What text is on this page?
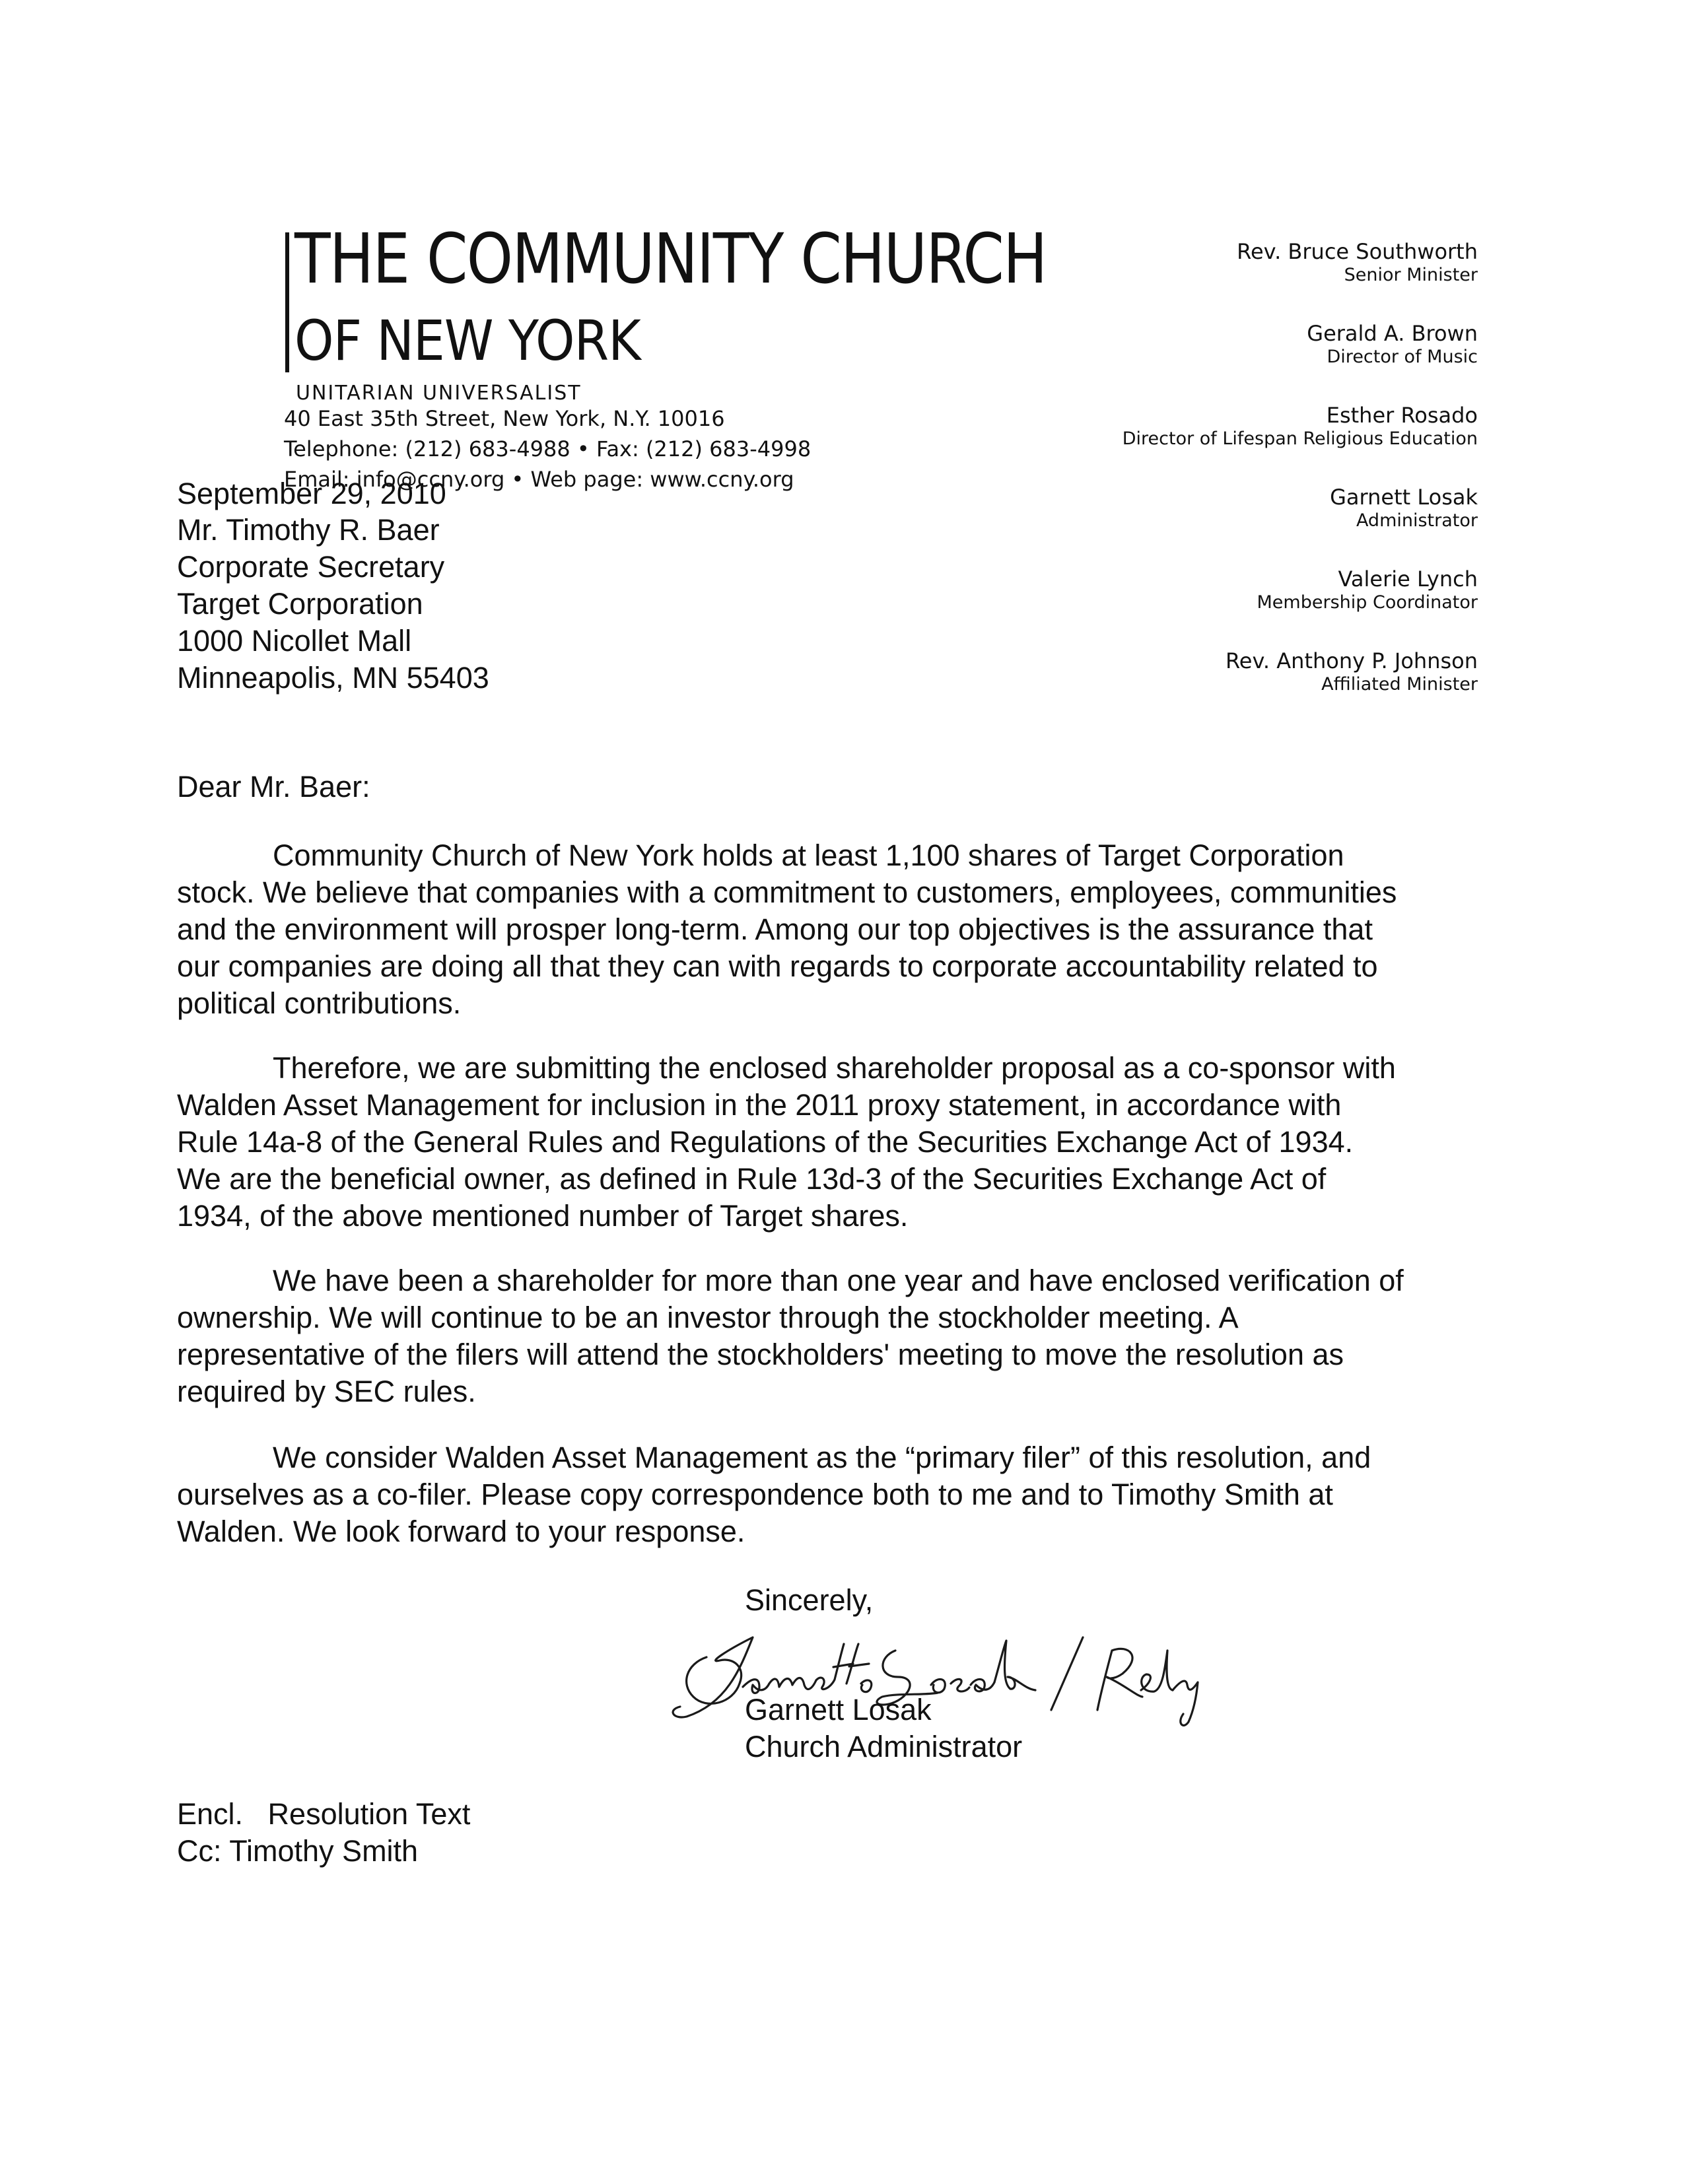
THE COMMUNITY CHURCH
OF NEW YORK
UNITARIAN UNIVERSALIST
40 East 35th Street, New York, N.Y. 10016
Telephone: (212) 683-4988 • Fax: (212) 683-4998
Email: info@ccny.org • Web page: www.ccny.org
Rev. Bruce Southworth
Senior Minister
Gerald A. Brown
Director of Music
Esther Rosado
Director of Lifespan Religious Education
Garnett Losak
Administrator
Valerie Lynch
Membership Coordinator
Rev. Anthony P. Johnson
Affiliated Minister
September 29, 2010
Mr. Timothy R. Baer
Corporate Secretary
Target Corporation
1000 Nicollet Mall
Minneapolis, MN 55403
Dear Mr. Baer:
Community Church of New York holds at least 1,100 shares of Target Corporation
stock. We believe that companies with a commitment to customers, employees, communities
and the environment will prosper long-term. Among our top objectives is the assurance that
our companies are doing all that they can with regards to corporate accountability related to
political contributions.
Therefore, we are submitting the enclosed shareholder proposal as a co-sponsor with
Walden Asset Management for inclusion in the 2011 proxy statement, in accordance with
Rule 14a-8 of the General Rules and Regulations of the Securities Exchange Act of 1934.
We are the beneficial owner, as defined in Rule 13d-3 of the Securities Exchange Act of
1934, of the above mentioned number of Target shares.
We have been a shareholder for more than one year and have enclosed verification of
ownership. We will continue to be an investor through the stockholder meeting. A
representative of the filers will attend the stockholders' meeting to move the resolution as
required by SEC rules.
We consider Walden Asset Management as the “primary filer” of this resolution, and
ourselves as a co-filer. Please copy correspondence both to me and to Timothy Smith at
Walden. We look forward to your response.
Sincerely,
Garnett Losak
Church Administrator
Encl.   Resolution Text
Cc: Timothy Smith
